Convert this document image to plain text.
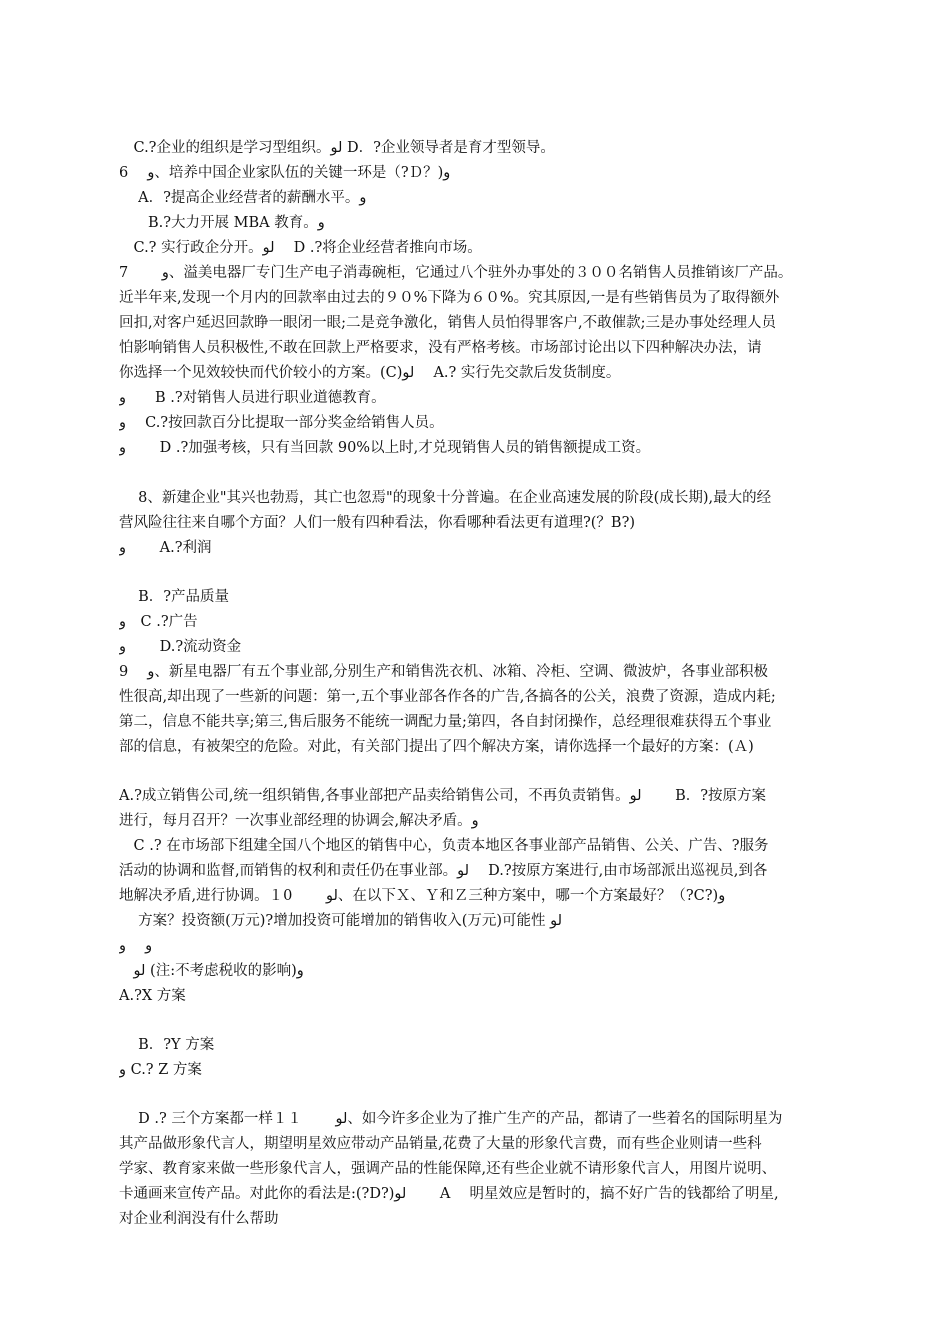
　C.?企业的组织是学习型组织。لو D．?企业领导者是育才型领导。
6　 و、培养中国企业家队伍的关键一环是（?Ｄ？)و
　 A．?提高企业经营者的薪酬水平。و
　　B.?大力开展 MBA 教育。و
　C.? 实行政企分开。لو　 D .?将企业经营者推向市场。
7　　 و、溢美电器厂专门生产电子消毒碗柜，它通过八个驻外办事处的３００名销售人员推销该厂产品。
近半年来,发现一个月内的回款率由过去的９０%下降为６０%。究其原因,一是有些销售员为了取得额外
回扣,对客户延迟回款睁一眼闭一眼;二是竞争激化，销售人员怕得罪客户,不敢催款;三是办事处经理人员
怕影响销售人员积极性,不敢在回款上严格要求，没有严格考核。市场部讨论出以下四种解决办法，请
你选择一个见效较快而代价较小的方案。(C)لو　 A.? 实行先交款后发货制度。
و　　B .?对销售人员进行职业道德教育。
و　 C.?按回款百分比提取一部分奖金给销售人员。
و　　 D .?加强考核，只有当回款 90%以上时,才兑现销售人员的销售额提成工资。
　 8、新建企业"其兴也勃焉，其亡也忽焉"的现象十分普遍。在企业高速发展的阶段(成长期),最大的经
营风险往往来自哪个方面？人们一般有四种看法，你看哪种看法更有道理?(？B?)
و　　 A.?利润
　 B．?产品质量
و　C .?广告
و　　 D.?流动资金
9　 و、新星电器厂有五个事业部,分别生产和销售洗衣机、冰箱、冷柜、空调、微波炉，各事业部积极
性很高,却出现了一些新的问题：第一,五个事业部各作各的广告,各搞各的公关，浪费了资源，造成内耗;
第二，信息不能共享;第三,售后服务不能统一调配力量;第四，各自封闭操作，总经理很难获得五个事业
部的信息，有被架空的危险。对此，有关部门提出了四个解决方案，请你选择一个最好的方案：(Ａ)
A.?成立销售公司,统一组织销售,各事业部把产品卖给销售公司，不再负责销售。لو　　 B．?按原方案
进行，每月召开？一次事业部经理的协调会,解决矛盾。و
　C .? 在市场部下组建全国八个地区的销售中心，负责本地区各事业部产品销售、公关、广告、?服务
活动的协调和监督,而销售的权利和责任仍在事业部。لو　 D.?按原方案进行,由市场部派出巡视员,到各
地解决矛盾,进行协调。１0　　 لو、在以下Ｘ、Ｙ和Ｚ三种方案中，哪一个方案最好？（?C?)و
　 方案？投资额(万元)?增加投资可能增加的销售收入(万元)可能性 لو
و　 و
　لو (注:不考虑税收的影响)و
A.?X 方案
　 B．?Y 方案
و C.? Z 方案
　 D .? 三个方案都一样１１　　 لو、如今许多企业为了推广生产的产品，都请了一些着名的国际明星为
其产品做形象代言人，期望明星效应带动产品销量,花费了大量的形象代言费，而有些企业则请一些科
学家、教育家来做一些形象代言人，强调产品的性能保障,还有些企业就不请形象代言人，用图片说明、
卡通画来宣传产品。对此你的看法是:(?D?)لو　　 A　 明星效应是暂时的，搞不好广告的钱都给了明星,
对企业利润没有什么帮助
